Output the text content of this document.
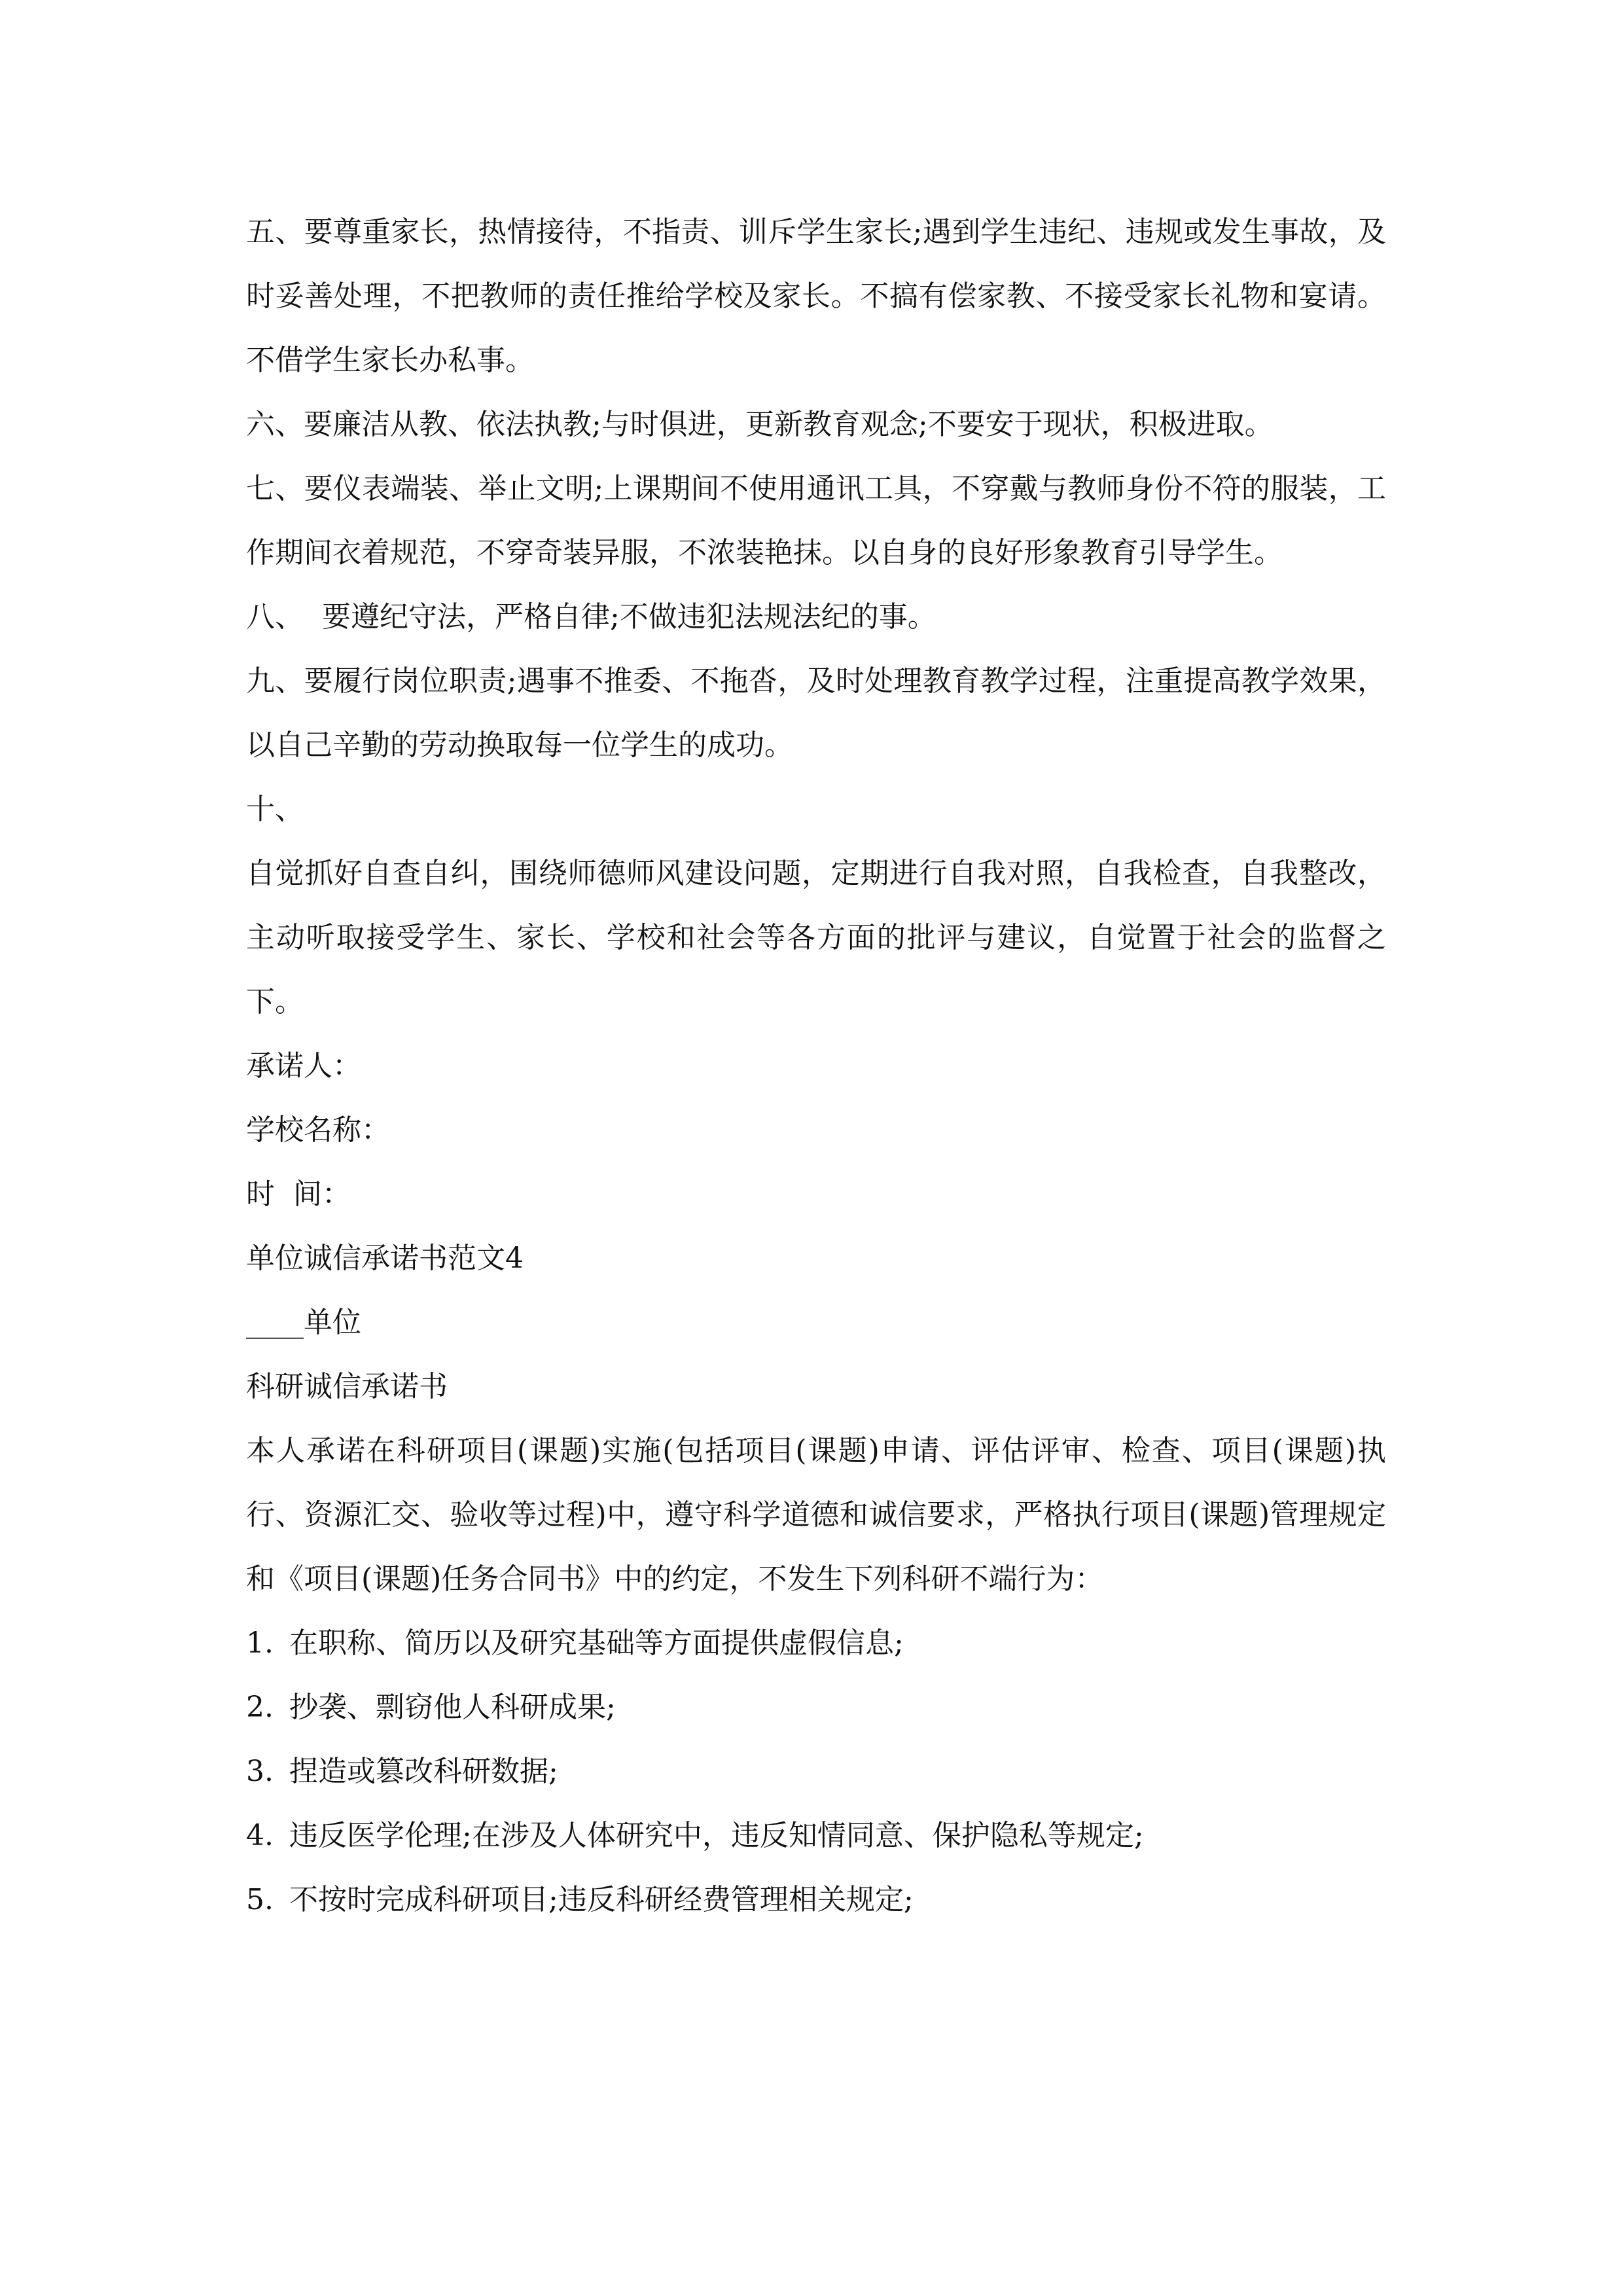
五、要尊重家长，热情接待，不指责、训斥学生家长;遇到学生违纪、违规或发生事故，及时妥善处理，不把教师的责任推给学校及家长。不搞有偿家教、不接受家长礼物和宴请。不借学生家长办私事。

六、要廉洁从教、依法执教;与时俱进，更新教育观念;不要安于现状，积极进取。

七、要仪表端装、举止文明;上课期间不使用通讯工具，不穿戴与教师身份不符的服装，工作期间衣着规范，不穿奇装异服，不浓装艳抹。以自身的良好形象教育引导学生。

八、  要遵纪守法，严格自律;不做违犯法规法纪的事。

九、要履行岗位职责;遇事不推委、不拖沓，及时处理教育教学过程，注重提高教学效果，以自己辛勤的劳动换取每一位学生的成功。

十、

自觉抓好自查自纠，围绕师德师风建设问题，定期进行自我对照，自我检查，自我整改，主动听取接受学生、家长、学校和社会等各方面的批评与建议，自觉置于社会的监督之下。

承诺人：

学校名称：

时  间：

单位诚信承诺书范文4

____单位

科研诚信承诺书

本人承诺在科研项目(课题)实施(包括项目(课题)申请、评估评审、检查、项目(课题)执行、资源汇交、验收等过程)中，遵守科学道德和诚信要求，严格执行项目(课题)管理规定和《项目(课题)任务合同书》中的约定，不发生下列科研不端行为：

1. 在职称、简历以及研究基础等方面提供虚假信息;

2. 抄袭、剽窃他人科研成果;

3. 捏造或篡改科研数据;

4. 违反医学伦理;在涉及人体研究中，违反知情同意、保护隐私等规定;

5. 不按时完成科研项目;违反科研经费管理相关规定;
